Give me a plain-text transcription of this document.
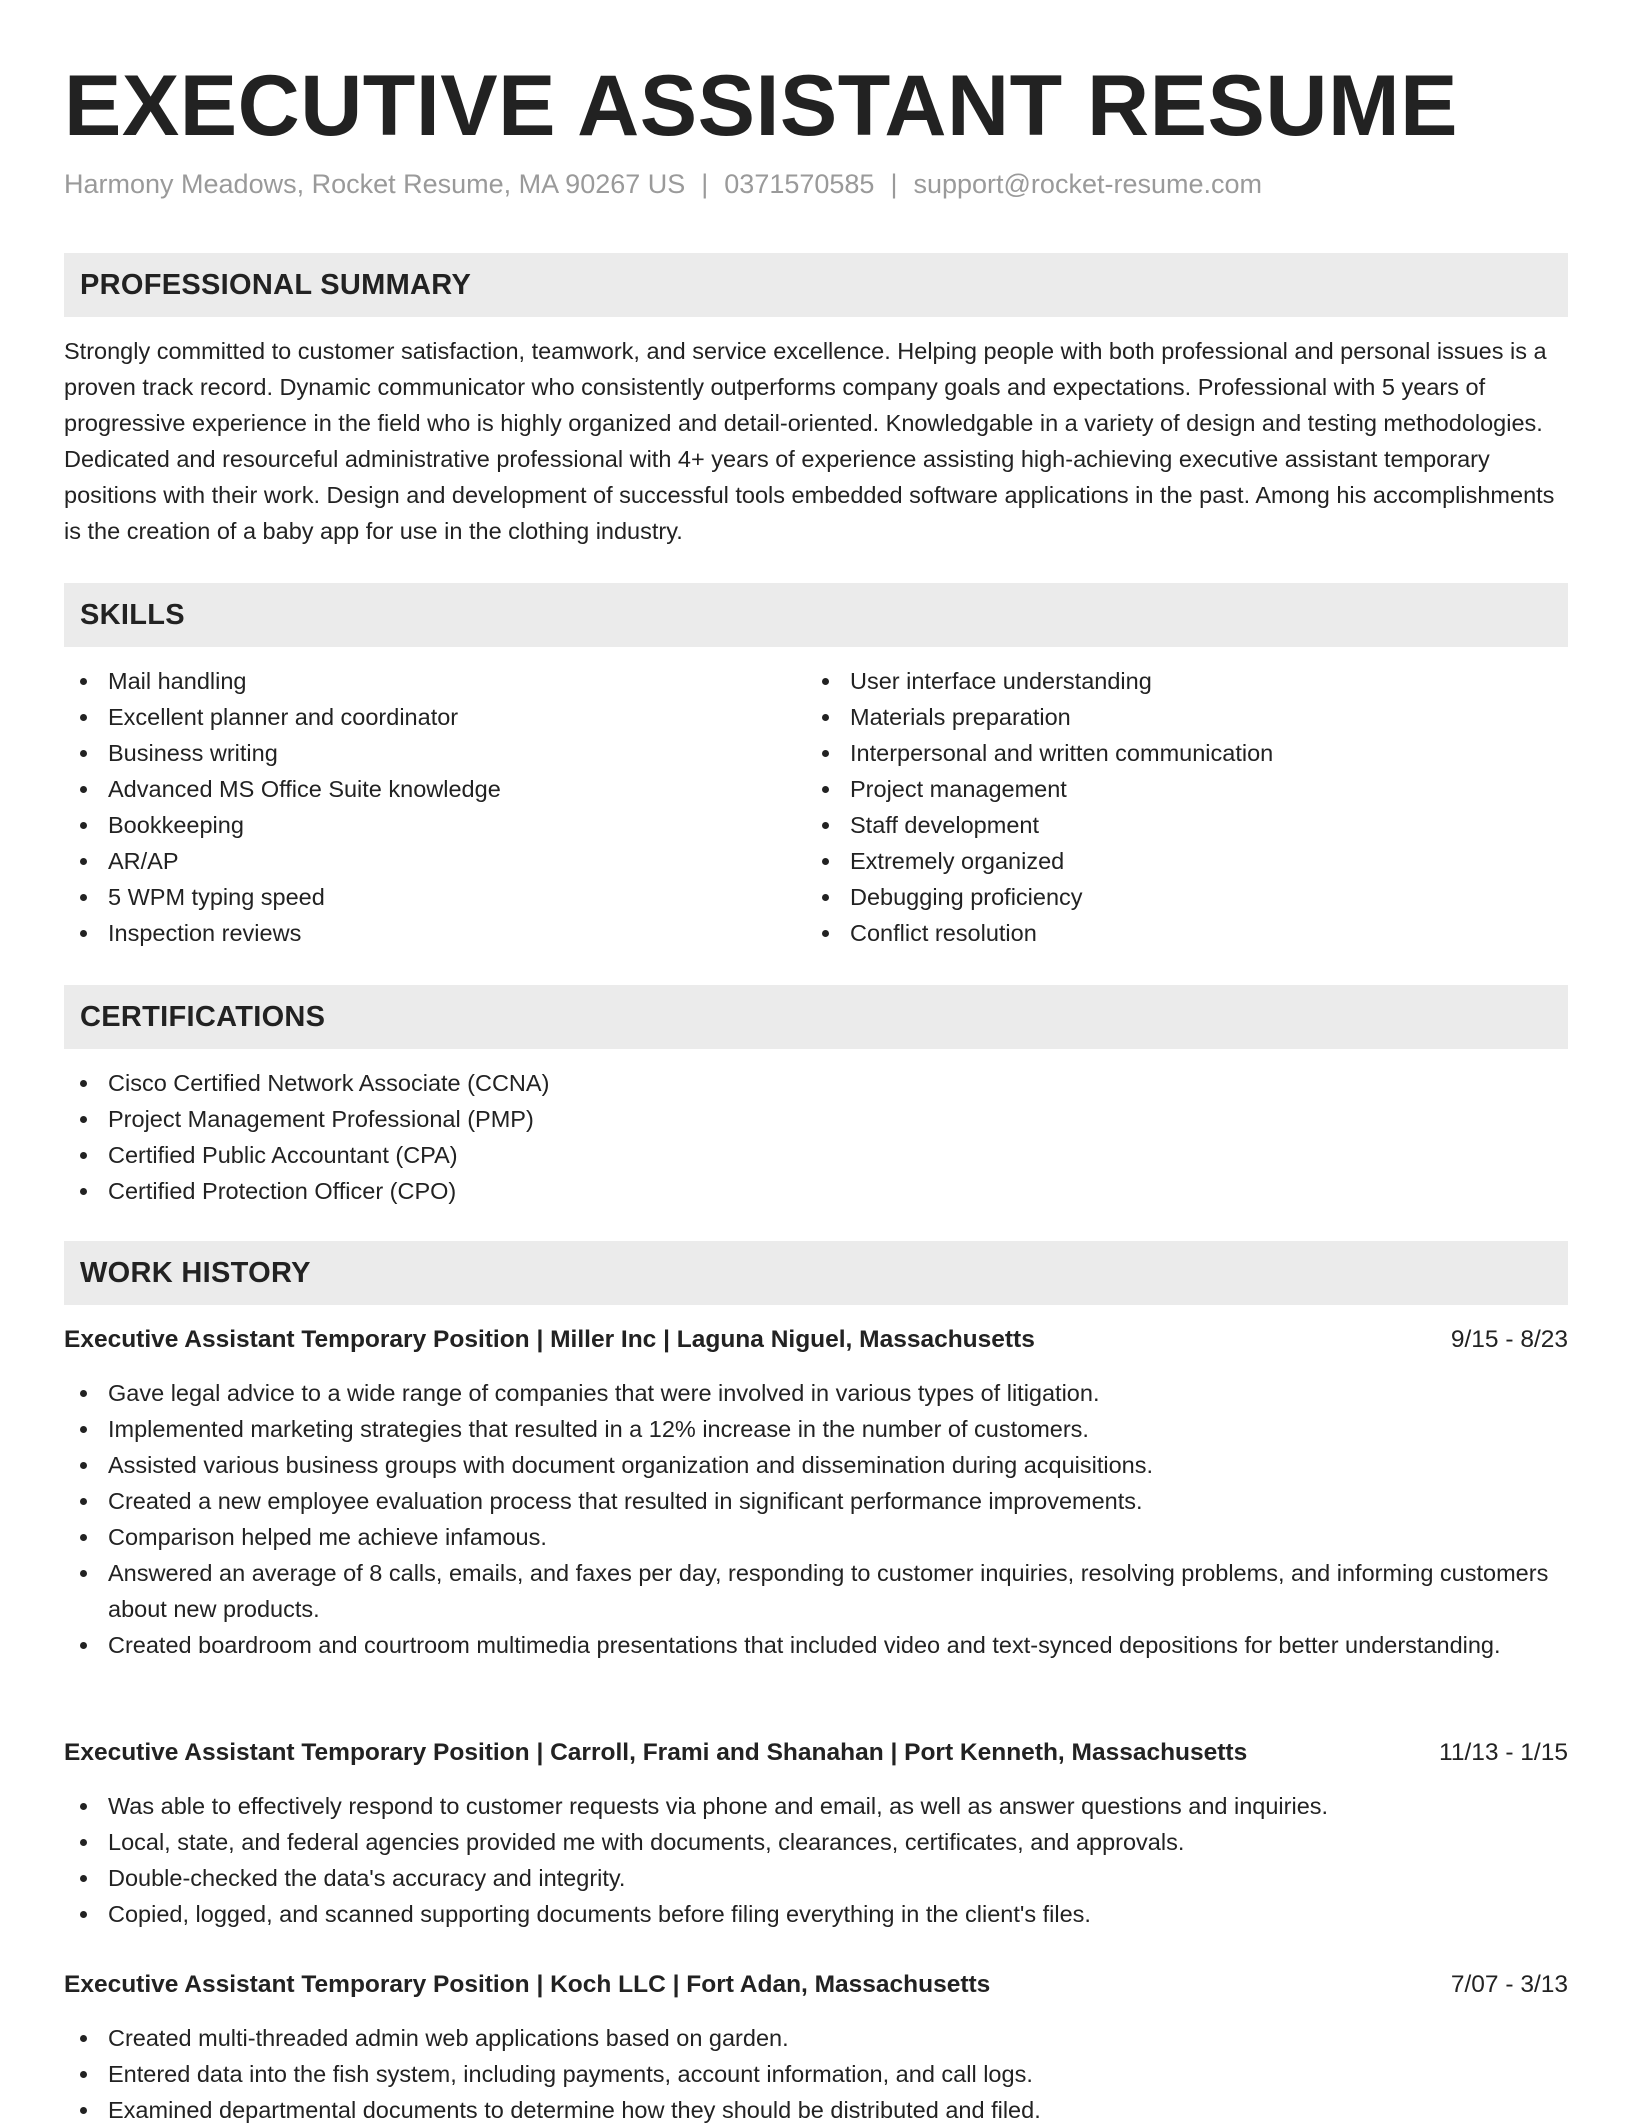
EXECUTIVE ASSISTANT RESUME
Harmony Meadows, Rocket Resume, MA 90267 US | 0371570585 | support@rocket-resume.com
PROFESSIONAL SUMMARY

Strongly committed to customer satisfaction, teamwork, and service excellence. Helping people with both professional and personal issues is a proven track record. Dynamic communicator who consistently outperforms company goals and expectations. Professional with 5 years of progressive experience in the field who is highly organized and detail-oriented. Knowledgable in a variety of design and testing methodologies. Dedicated and resourceful administrative professional with 4+ years of experience assisting high-achieving executive assistant temporary positions with their work. Design and development of successful tools embedded software applications in the past. Among his accomplishments is the creation of a baby app for use in the clothing industry.

SKILLS
Mail handling
Excellent planner and coordinator
Business writing
Advanced MS Office Suite knowledge
Bookkeeping
AR/AP
5 WPM typing speed
Inspection reviews
User interface understanding
Materials preparation
Interpersonal and written communication
Project management
Staff development
Extremely organized
Debugging proficiency
Conflict resolution
CERTIFICATIONS
Cisco Certified Network Associate (CCNA)
Project Management Professional (PMP)
Certified Public Accountant (CPA)
Certified Protection Officer (CPO)
WORK HISTORY
Executive Assistant Temporary Position | Miller Inc | Laguna Niguel, Massachusetts	9/15 - 8/23
Gave legal advice to a wide range of companies that were involved in various types of litigation.
Implemented marketing strategies that resulted in a 12% increase in the number of customers.
Assisted various business groups with document organization and dissemination during acquisitions.
Created a new employee evaluation process that resulted in significant performance improvements.
Comparison helped me achieve infamous.
Answered an average of 8 calls, emails, and faxes per day, responding to customer inquiries, resolving problems, and informing customers about new products.
Created boardroom and courtroom multimedia presentations that included video and text-synced depositions for better understanding.
Executive Assistant Temporary Position | Carroll, Frami and Shanahan | Port Kenneth, Massachusetts	11/13 - 1/15
Was able to effectively respond to customer requests via phone and email, as well as answer questions and inquiries.
Local, state, and federal agencies provided me with documents, clearances, certificates, and approvals.
Double-checked the data's accuracy and integrity.
Copied, logged, and scanned supporting documents before filing everything in the client's files.
Executive Assistant Temporary Position | Koch LLC | Fort Adan, Massachusetts	7/07 - 3/13
Created multi-threaded admin web applications based on garden.
Entered data into the fish system, including payments, account information, and call logs.
Examined departmental documents to determine how they should be distributed and filed.
